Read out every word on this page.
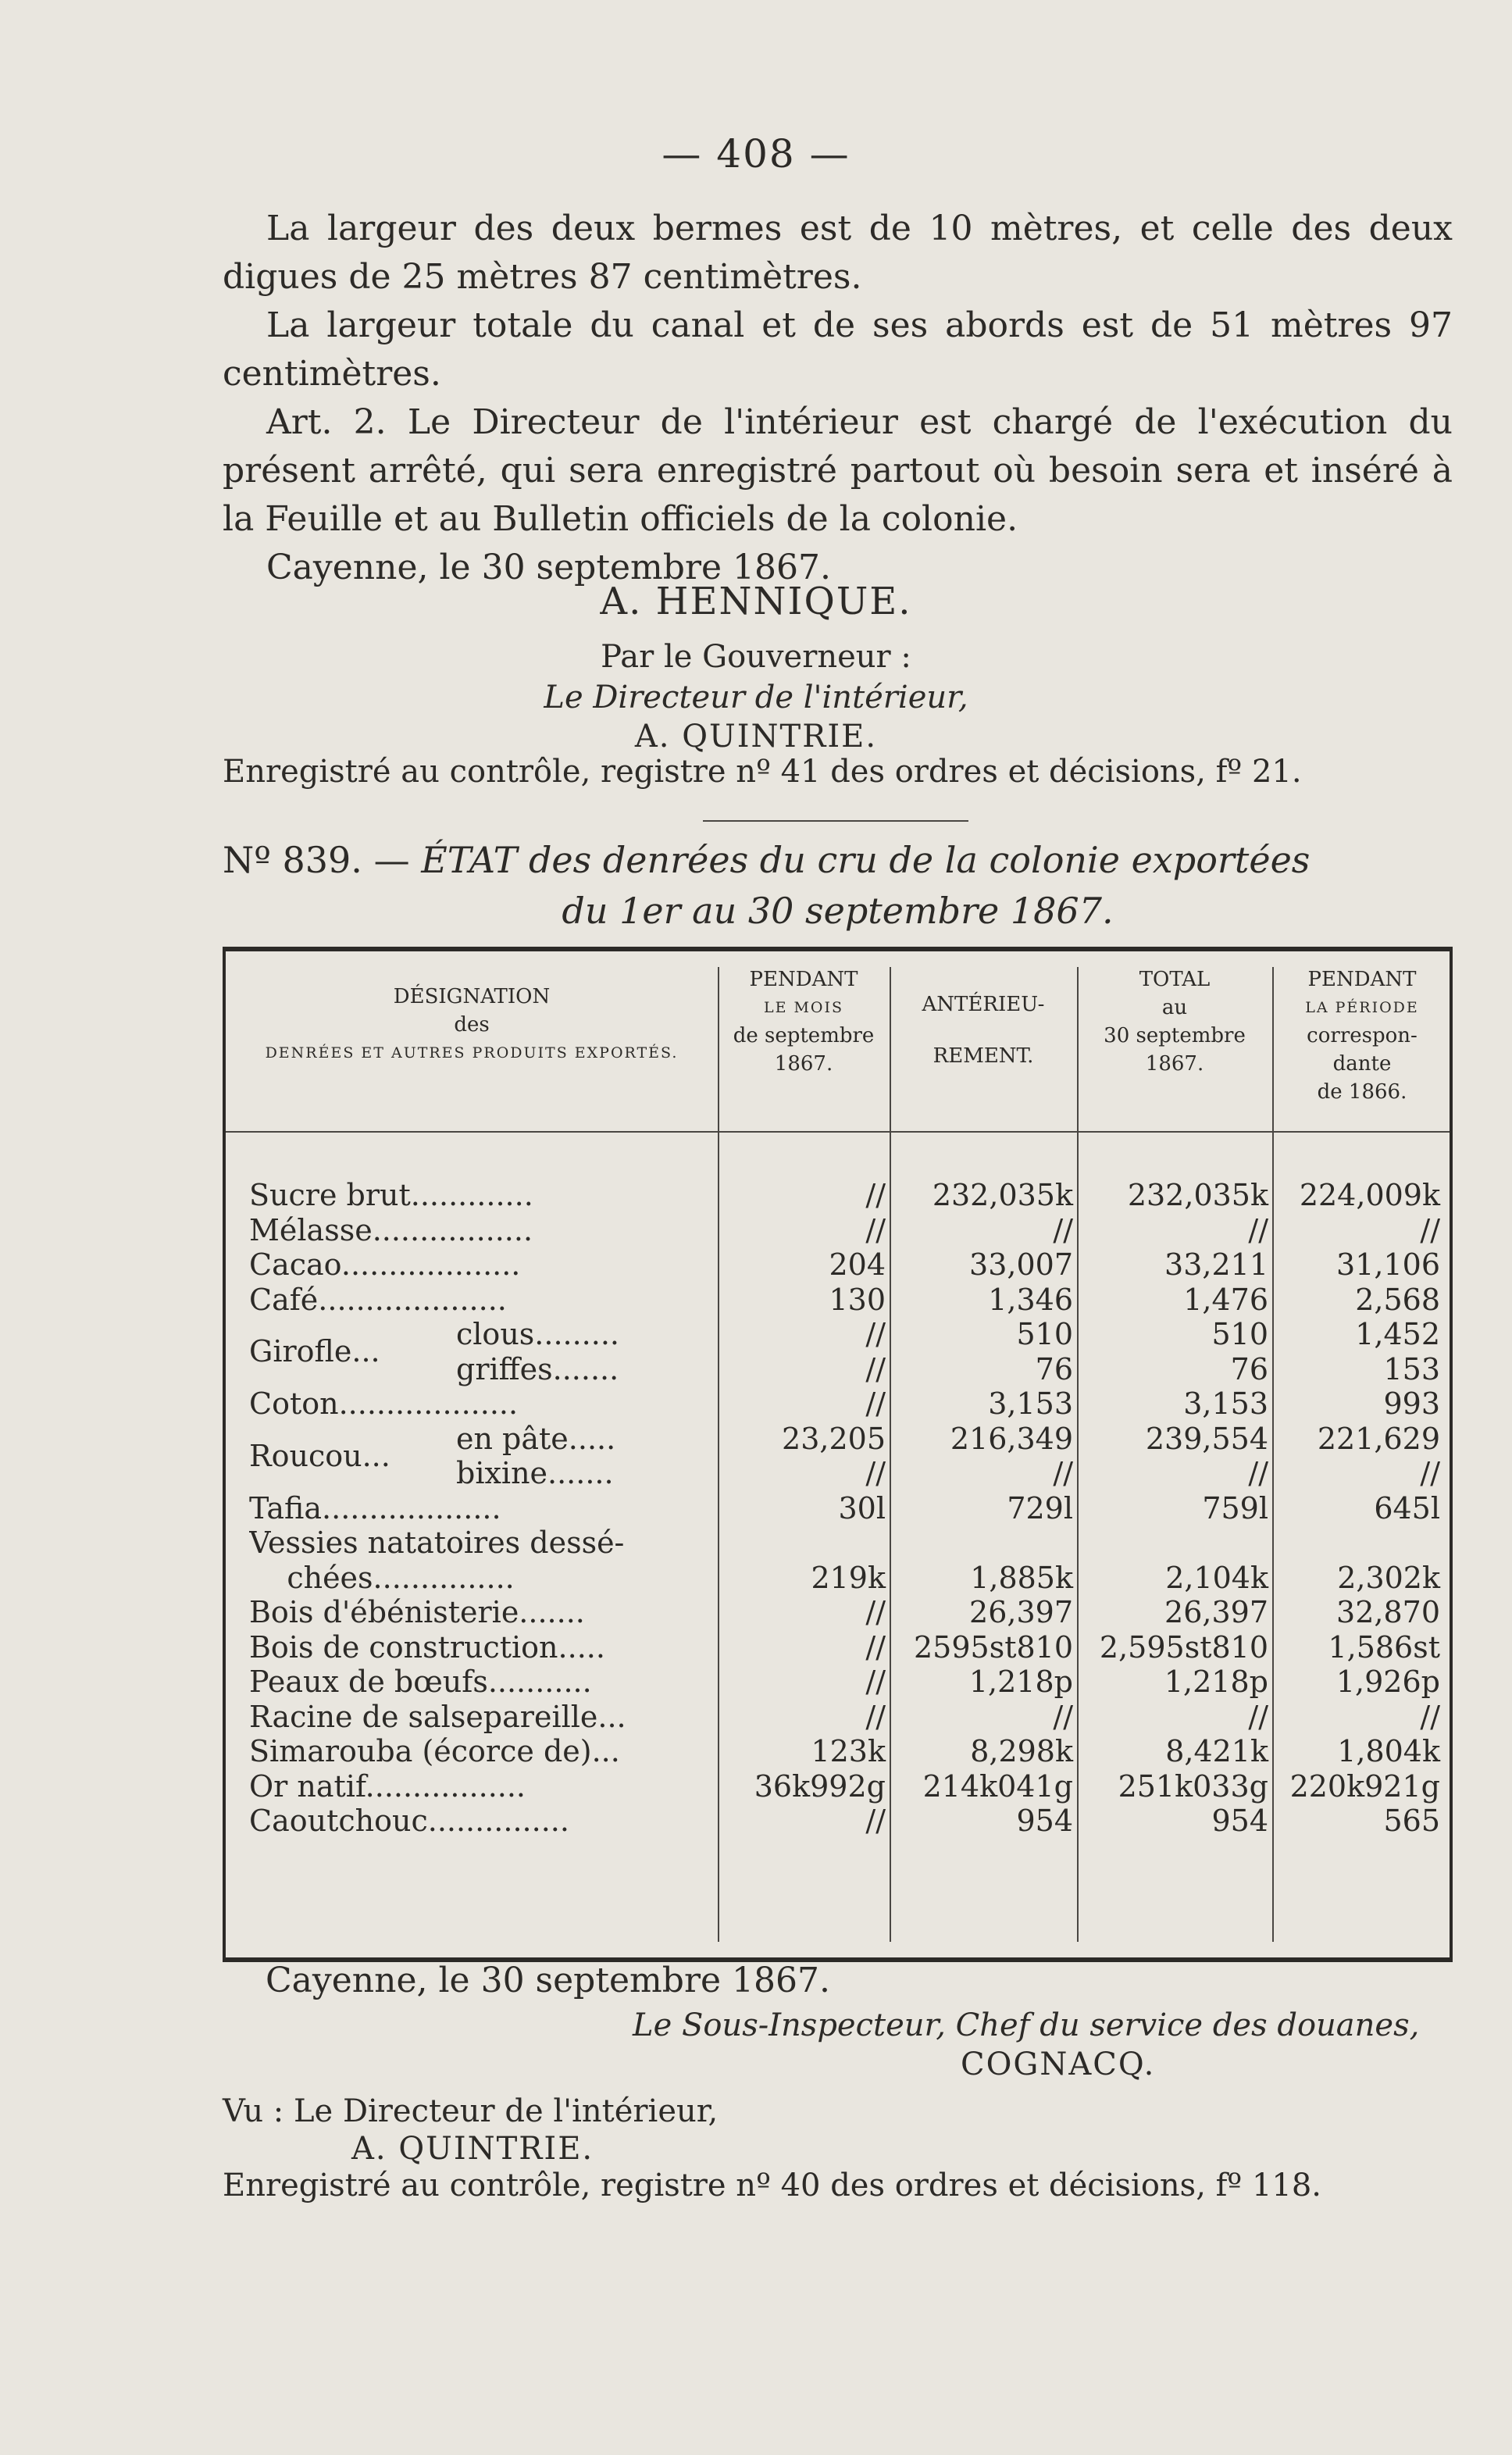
— 408 —

La largeur des deux bermes est de 10 mètres, et celle des deux digues de 25 mètres 87 centimètres.

La largeur totale du canal et de ses abords est de 51 mètres 97 centimètres.

Art. 2. Le Directeur de l'intérieur est chargé de l'exécution du présent arrêté, qui sera enregistré partout où besoin sera et inséré à la Feuille et au Bulletin officiels de la colonie.

Cayenne, le 30 septembre 1867.

A. HENNIQUE.
Par le Gouverneur :
Le Directeur de l'intérieur,
A. QUINTRIE.
Enregistré au contrôle, registre nº 41 des ordres et décisions, fº 21.
Nº 839. — ÉTAT des denrées du cru de la colonie exportées
du 1er au 30 septembre 1867.
DÉSIGNATION
des
DENRÉES ET AUTRES PRODUITS EXPORTÉS.
PENDANT
LE MOIS
de septembre
1867.
ANTÉRIEU-
REMENT.
TOTAL
au
30 septembre
1867.
PENDANT
LA PÉRIODE
correspon-
dante
de 1866.
Sucre brut.............	//	232,035k	232,035k	224,009k
Mélasse.................	//	//	//	//
Cacao...................	204	33,007	33,211	31,106
Café....................	130	1,346	1,476	2,568
Girofle...	clous.........	//	510	510	1,452
griffes.......	//	76	76	153
Coton...................	//	3,153	3,153	993
Roucou...	en pâte.....	23,205	216,349	239,554	221,629
bixine.......	//	//	//	//
Tafia...................	30l	729l	759l	645l
Vessies natatoires dessé-
chées...............	219k	1,885k	2,104k	2,302k
Bois d'ébénisterie.......	//	26,397	26,397	32,870
Bois de construction.....	// 2595st810 2,595st810	1,586st
Peaux de bœufs...........	//	1,218p	1,218p	1,926p
Racine de salsepareille...	//	//	//	//
Simarouba (écorce de)...	123k	8,298k	8,421k	1,804k
Or natif.................	36k992g	214k041g	251k033g 220k921g
Caoutchouc...............	//	954	954	565
Cayenne, le 30 septembre 1867.
Le Sous-Inspecteur, Chef du service des douanes,
COGNACQ.
Vu : Le Directeur de l'intérieur,
A. QUINTRIE.
Enregistré au contrôle, registre nº 40 des ordres et décisions, fº 118.
